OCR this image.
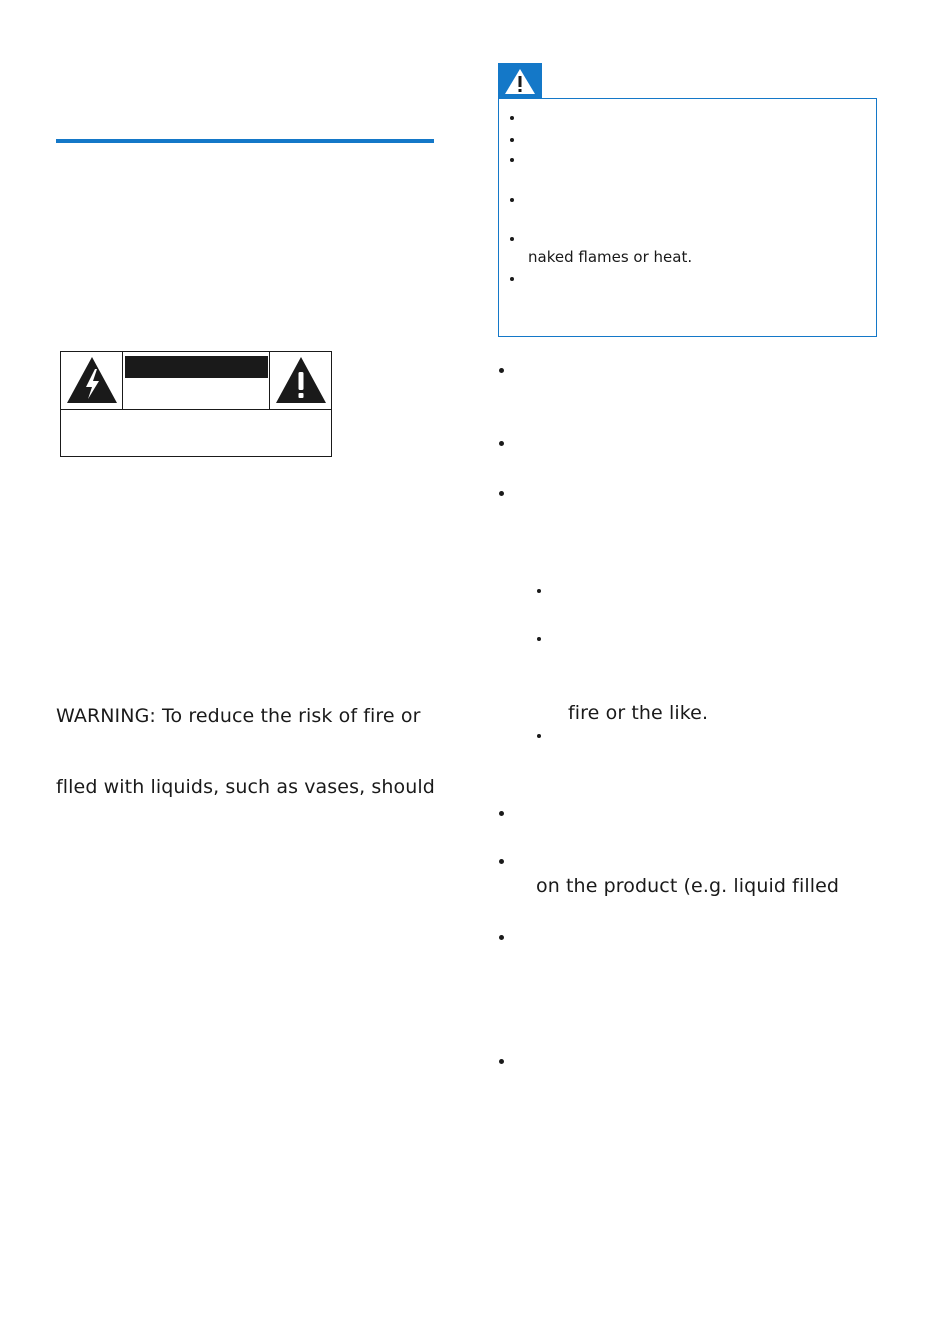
WARNING: To reduce the risk of fire or
flled with liquids, such as vases, should
naked flames or heat.
fire or the like.
on the product (e.g. liquid filled
